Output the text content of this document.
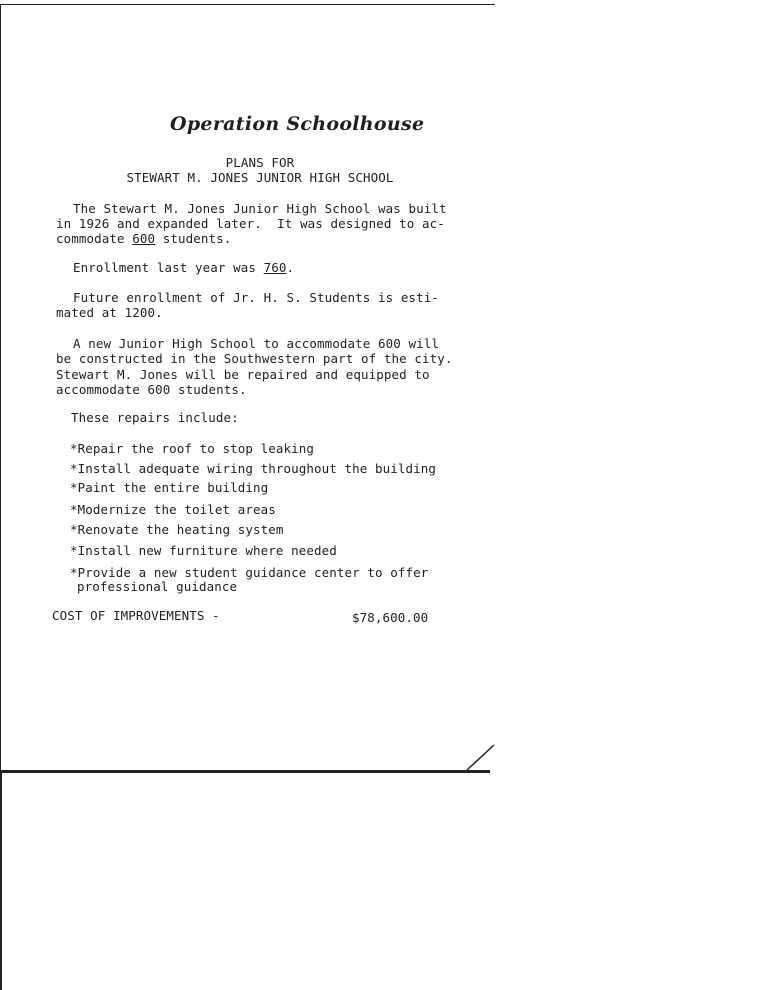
Operation Schoolhouse
PLANS FOR
STEWART M. JONES JUNIOR HIGH SCHOOL
The Stewart M. Jones Junior High School was built
in 1926 and expanded later.  It was designed to ac-
commodate 600 students.
Enrollment last year was 760.
Future enrollment of Jr. H. S. Students is esti-
mated at 1200.
A new Junior High School to accommodate 600 will
be constructed in the Southwestern part of the city.
Stewart M. Jones will be repaired and equipped to
accommodate 600 students.
These repairs include:
*Repair the roof to stop leaking
*Install adequate wiring throughout the building
*Paint the entire building
*Modernize the toilet areas
*Renovate the heating system
*Install new furniture where needed
*Provide a new student guidance center to offer
professional guidance
COST OF IMPROVEMENTS -	$78,600.00
